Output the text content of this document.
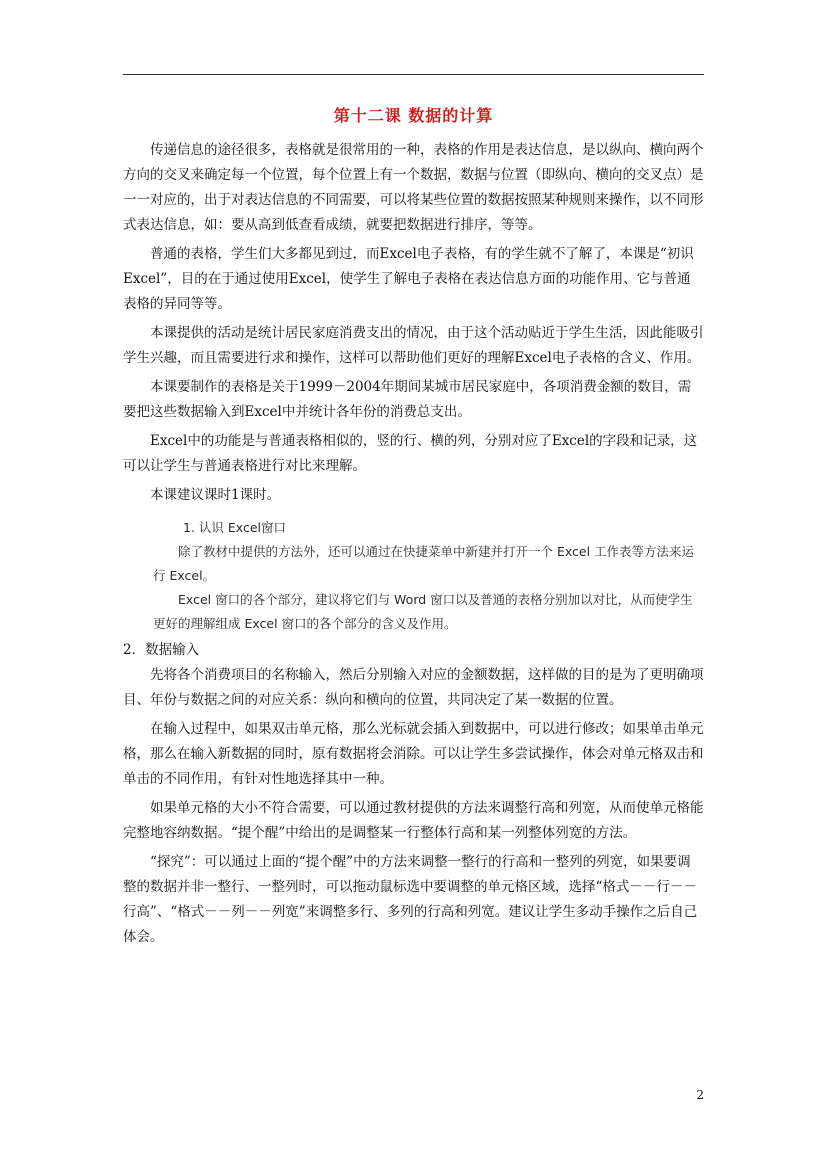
第十二课 数据的计算

传递信息的途径很多，表格就是很常用的一种，表格的作用是表达信息，是以纵向、横向两个方向的交叉来确定每一个位置，每个位置上有一个数据，数据与位置（即纵向、横向的交叉点）是一一对应的，出于对表达信息的不同需要，可以将某些位置的数据按照某种规则来操作，以不同形式表达信息，如：要从高到低查看成绩，就要把数据进行排序，等等。

普通的表格，学生们大多都见到过，而Excel电子表格，有的学生就不了解了，本课是“初识Excel”，目的在于通过使用Excel，使学生了解电子表格在表达信息方面的功能作用、它与普通表格的异同等等。

本课提供的活动是统计居民家庭消费支出的情况，由于这个活动贴近于学生生活，因此能吸引学生兴趣，而且需要进行求和操作，这样可以帮助他们更好的理解Excel电子表格的含义、作用。

本课要制作的表格是关于1999－2004年期间某城市居民家庭中，各项消费金额的数目，需要把这些数据输入到Excel中并统计各年份的消费总支出。

Excel中的功能是与普通表格相似的，竖的行、横的列，分别对应了Excel的字段和记录，这可以让学生与普通表格进行对比来理解。

本课建议课时1课时。

1. 认识 Excel窗口

除了教材中提供的方法外，还可以通过在快捷菜单中新建并打开一个 Excel 工作表等方法来运行 Excel。

Excel 窗口的各个部分，建议将它们与 Word 窗口以及普通的表格分别加以对比，从而使学生更好的理解组成 Excel 窗口的各个部分的含义及作用。

2．数据输入

先将各个消费项目的名称输入，然后分别输入对应的金额数据，这样做的目的是为了更明确项目、年份与数据之间的对应关系：纵向和横向的位置，共同决定了某一数据的位置。

在输入过程中，如果双击单元格，那么光标就会插入到数据中，可以进行修改；如果单击单元格，那么在输入新数据的同时，原有数据将会消除。可以让学生多尝试操作，体会对单元格双击和单击的不同作用，有针对性地选择其中一种。

如果单元格的大小不符合需要，可以通过教材提供的方法来调整行高和列宽，从而使单元格能完整地容纳数据。“提个醒”中给出的是调整某一行整体行高和某一列整体列宽的方法。

“探究”：可以通过上面的“提个醒”中的方法来调整一整行的行高和一整列的列宽，如果要调整的数据并非一整行、一整列时，可以拖动鼠标选中要调整的单元格区域，选择“格式－－行－－行高”、“格式－－列－－列宽”来调整多行、多列的行高和列宽。建议让学生多动手操作之后自己体会。

2
